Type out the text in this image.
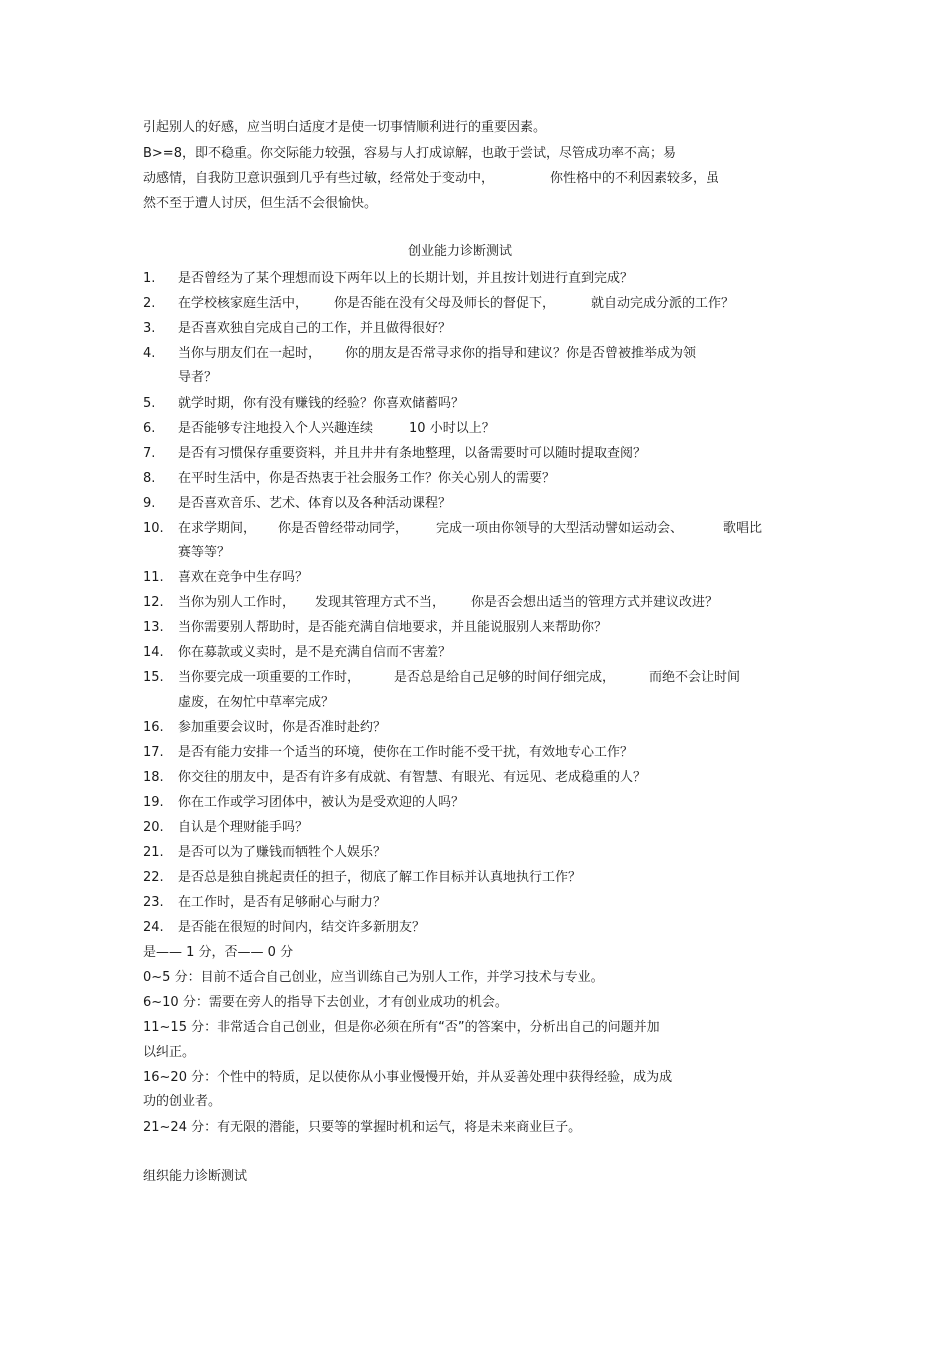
引起别人的好感，应当明白适度才是使一切事情顺利进行的重要因素。
B>=8，即不稳重。你交际能力较强，容易与人打成谅解，也敢于尝试，尽管成功率不高；易
动感情，自我防卫意识强到几乎有些过敏，经常处于变动中，	你性格中的不利因素较多，虽
然不至于遭人讨厌，但生活不会很愉快。
创业能力诊断测试
1. 是否曾经为了某个理想而设下两年以上的长期计划，并且按计划进行直到完成？
2. 在学校核家庭生活中， 你是否能在没有父母及师长的督促下，	就自动完成分派的工作？
3. 是否喜欢独自完成自己的工作，并且做得很好？
4. 当你与朋友们在一起时， 你的朋友是否常寻求你的指导和建议？你是否曾被推举成为领
导者？
5. 就学时期，你有没有赚钱的经验？你喜欢储蓄吗？
6. 是否能够专注地投入个人兴趣连续	10 小时以上？
7. 是否有习惯保存重要资料，并且井井有条地整理，以备需要时可以随时提取查阅？
8. 在平时生活中，你是否热衷于社会服务工作？你关心别人的需要？
9. 是否喜欢音乐、艺术、体育以及各种活动课程？
10. 在求学期间， 你是否曾经带动同学， 完成一项由你领导的大型活动譬如运动会、	歌唱比
赛等等？
11. 喜欢在竞争中生存吗？
12. 当你为别人工作时， 发现其管理方式不当， 你是否会想出适当的管理方式并建议改进？
13. 当你需要别人帮助时，是否能充满自信地要求，并且能说服别人来帮助你？
14. 你在募款或义卖时，是不是充满自信而不害羞？
15. 当你要完成一项重要的工作时，	是否总是给自己足够的时间仔细完成，	而绝不会让时间
虚废，在匆忙中草率完成？
16. 参加重要会议时，你是否准时赴约？
17. 是否有能力安排一个适当的环境，使你在工作时能不受干扰，有效地专心工作？
18. 你交往的朋友中，是否有许多有成就、有智慧、有眼光、有远见、老成稳重的人？
19. 你在工作或学习团体中，被认为是受欢迎的人吗？
20. 自认是个理财能手吗？
21. 是否可以为了赚钱而牺牲个人娱乐？
22. 是否总是独自挑起责任的担子，彻底了解工作目标并认真地执行工作？
23. 在工作时，是否有足够耐心与耐力？
24. 是否能在很短的时间内，结交许多新朋友？
是—— 1 分，否—— 0 分
0~5 分：目前不适合自己创业，应当训练自己为别人工作，并学习技术与专业。
6~10 分：需要在旁人的指导下去创业，才有创业成功的机会。
11~15 分：非常适合自己创业，但是你必须在所有“否”的答案中，分析出自己的问题并加
以纠正。
16~20 分：个性中的特质，足以使你从小事业慢慢开始，并从妥善处理中获得经验，成为成
功的创业者。
21~24 分：有无限的潜能，只要等的掌握时机和运气，将是未来商业巨子。
组织能力诊断测试
